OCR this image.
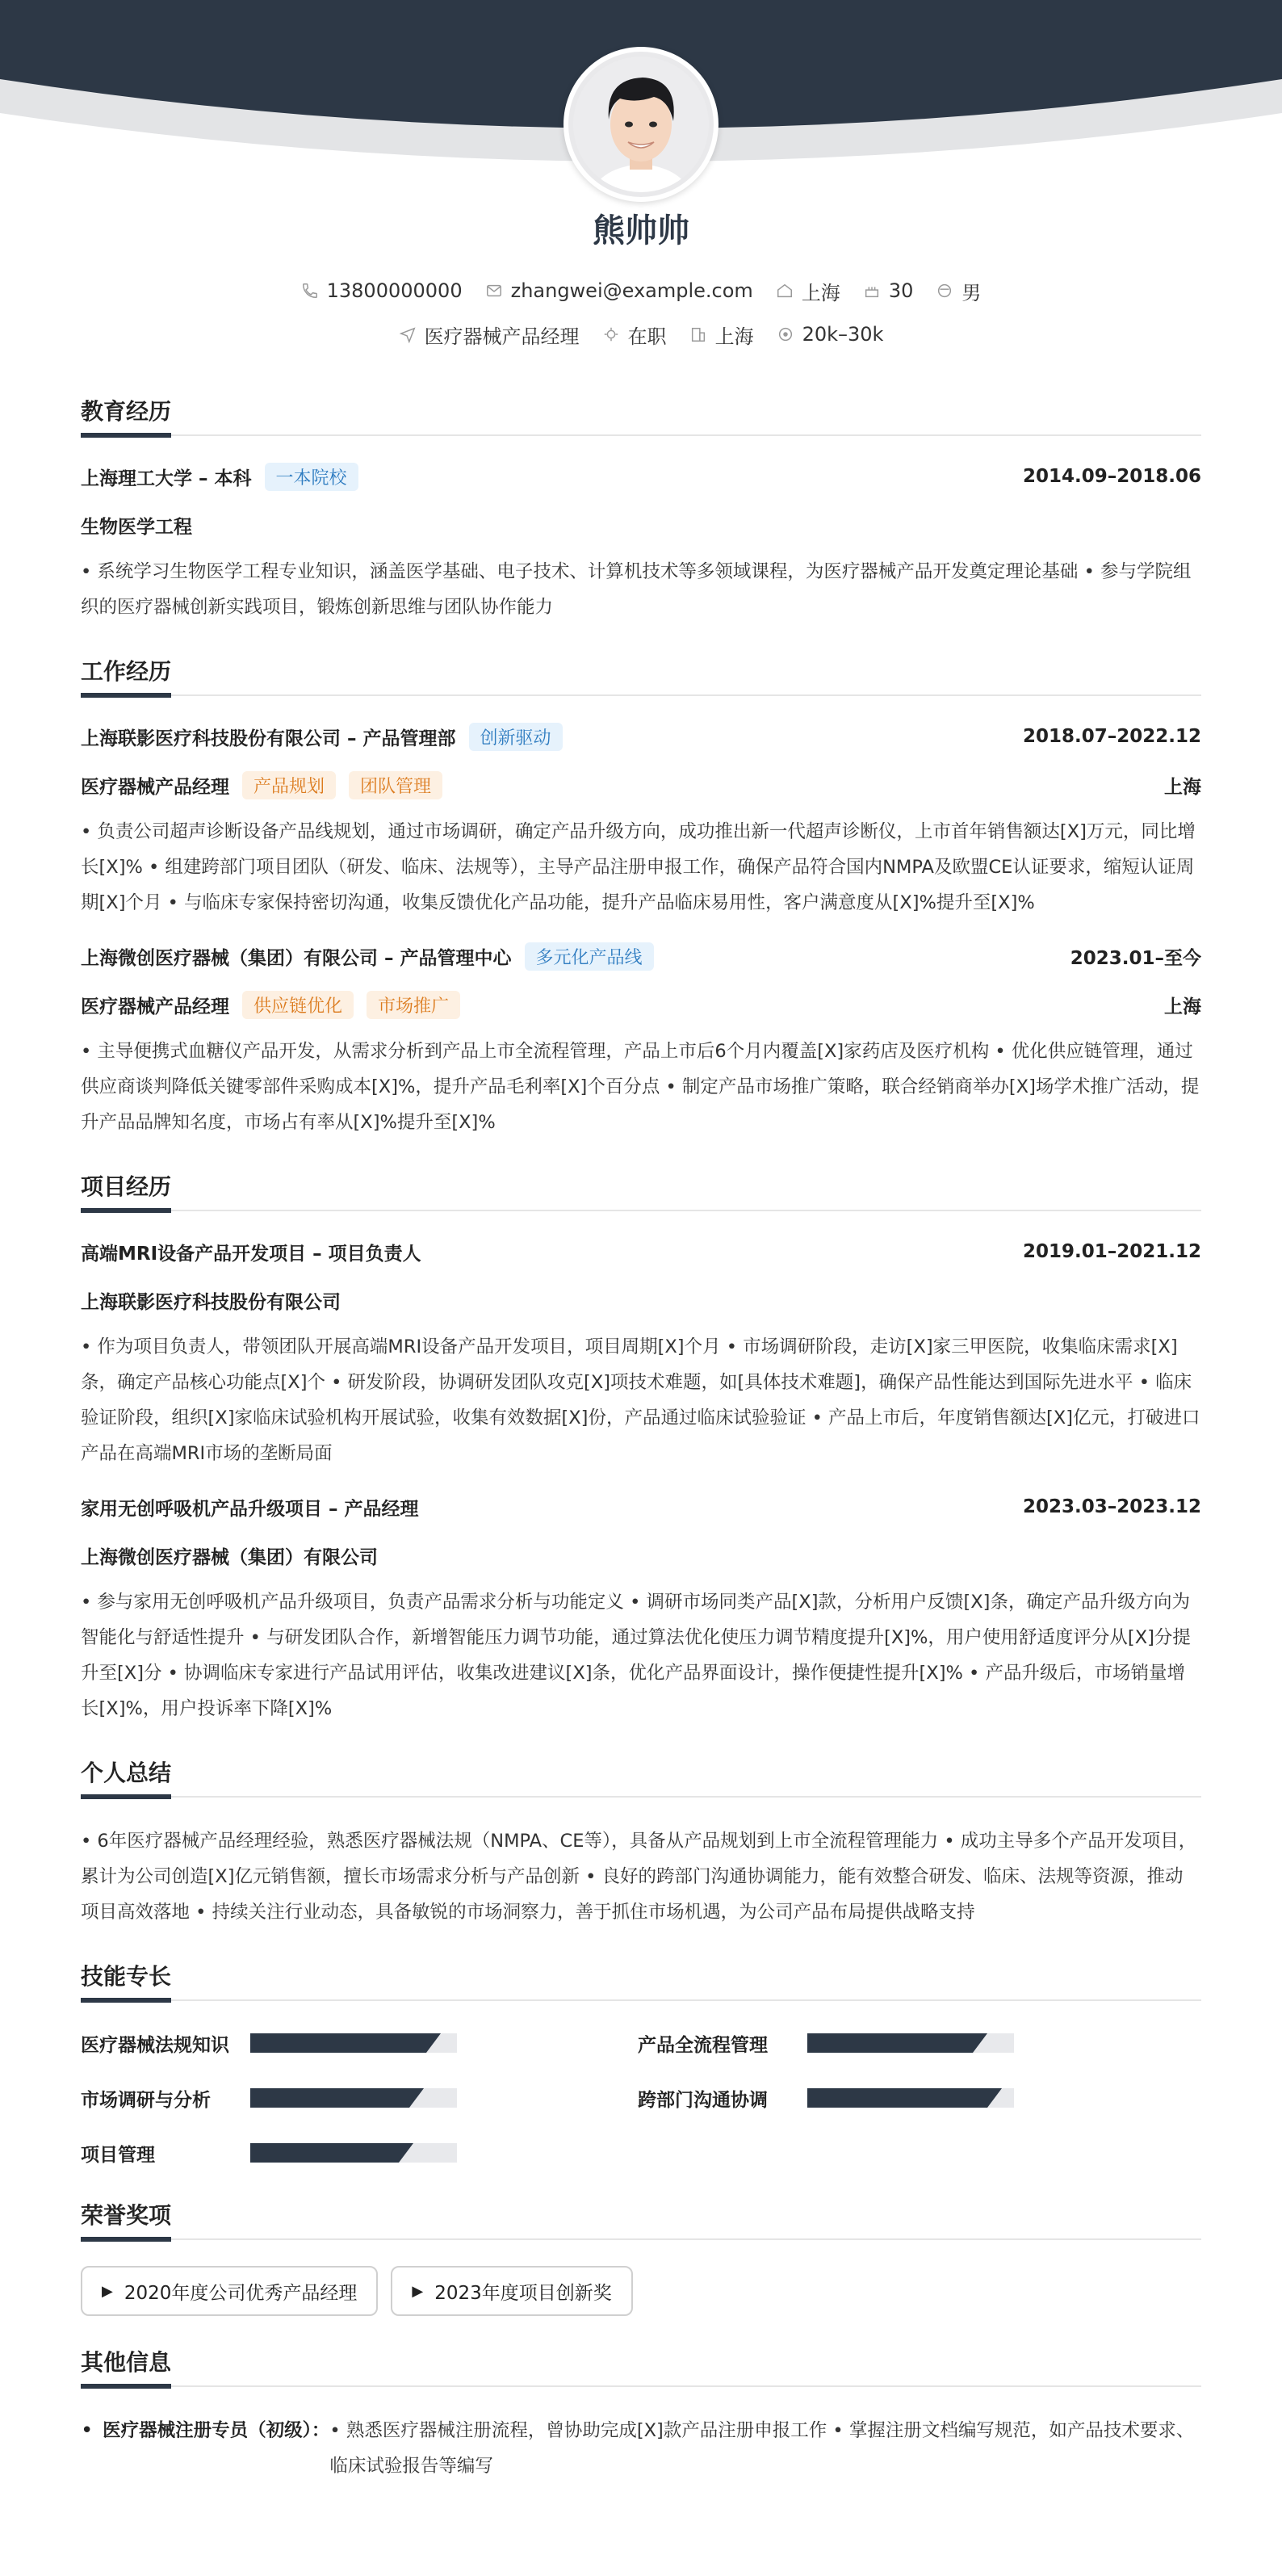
熊帅帅
13800000000	zhangwei@example.com	上海	30	男
医疗器械产品经理	在职	上海	20k–30k
教育经历
上海理工大学 – 本科	一本院校	2014.09–2018.06
生物医学工程
• 系统学习生物医学工程专业知识，涵盖医学基础、电子技术、计算机技术等多领域课程，为医疗器械产品开发奠定理论基础 • 参与学院组织的医疗器械创新实践项目，锻炼创新思维与团队协作能力
工作经历
上海联影医疗科技股份有限公司 – 产品管理部	创新驱动	2018.07–2022.12
医疗器械产品经理	产品规划	团队管理	上海
• 负责公司超声诊断设备产品线规划，通过市场调研，确定产品升级方向，成功推出新一代超声诊断仪，上市首年销售额达[X]万元，同比增长[X]% • 组建跨部门项目团队（研发、临床、法规等），主导产品注册申报工作，确保产品符合国内NMPA及欧盟CE认证要求，缩短认证周期[X]个月 • 与临床专家保持密切沟通，收集反馈优化产品功能，提升产品临床易用性，客户满意度从[X]%提升至[X]%
上海微创医疗器械（集团）有限公司 – 产品管理中心	多元化产品线	2023.01–至今
医疗器械产品经理	供应链优化	市场推广	上海
• 主导便携式血糖仪产品开发，从需求分析到产品上市全流程管理，产品上市后6个月内覆盖[X]家药店及医疗机构 • 优化供应链管理，通过供应商谈判降低关键零部件采购成本[X]%，提升产品毛利率[X]个百分点 • 制定产品市场推广策略，联合经销商举办[X]场学术推广活动，提升产品品牌知名度，市场占有率从[X]%提升至[X]%
项目经历
高端MRI设备产品开发项目 – 项目负责人	2019.01–2021.12
上海联影医疗科技股份有限公司
• 作为项目负责人，带领团队开展高端MRI设备产品开发项目，项目周期[X]个月 • 市场调研阶段，走访[X]家三甲医院，收集临床需求[X]条，确定产品核心功能点[X]个 • 研发阶段，协调研发团队攻克[X]项技术难题，如[具体技术难题]，确保产品性能达到国际先进水平 • 临床验证阶段，组织[X]家临床试验机构开展试验，收集有效数据[X]份，产品通过临床试验验证 • 产品上市后，年度销售额达[X]亿元，打破进口产品在高端MRI市场的垄断局面
家用无创呼吸机产品升级项目 – 产品经理	2023.03–2023.12
上海微创医疗器械（集团）有限公司
• 参与家用无创呼吸机产品升级项目，负责产品需求分析与功能定义 • 调研市场同类产品[X]款，分析用户反馈[X]条，确定产品升级方向为智能化与舒适性提升 • 与研发团队合作，新增智能压力调节功能，通过算法优化使压力调节精度提升[X]%，用户使用舒适度评分从[X]分提升至[X]分 • 协调临床专家进行产品试用评估，收集改进建议[X]条，优化产品界面设计，操作便捷性提升[X]% • 产品升级后，市场销量增长[X]%，用户投诉率下降[X]%
个人总结
• 6年医疗器械产品经理经验，熟悉医疗器械法规（NMPA、CE等），具备从产品规划到上市全流程管理能力 • 成功主导多个产品开发项目，累计为公司创造[X]亿元销售额，擅长市场需求分析与产品创新 • 良好的跨部门沟通协调能力，能有效整合研发、临床、法规等资源，推动项目高效落地 • 持续关注行业动态，具备敏锐的市场洞察力，善于抓住市场机遇，为公司产品布局提供战略支持
技能专长
医疗器械法规知识	产品全流程管理
市场调研与分析	跨部门沟通协调
项目管理
荣誉奖项
▶ 2020年度公司优秀产品经理	▶ 2023年度项目创新奖
其他信息
• 医疗器械注册专员（初级）： • 熟悉医疗器械注册流程，曾协助完成[X]款产品注册申报工作 • 掌握注册文档编写规范，如产品技术要求、临床试验报告等编写
